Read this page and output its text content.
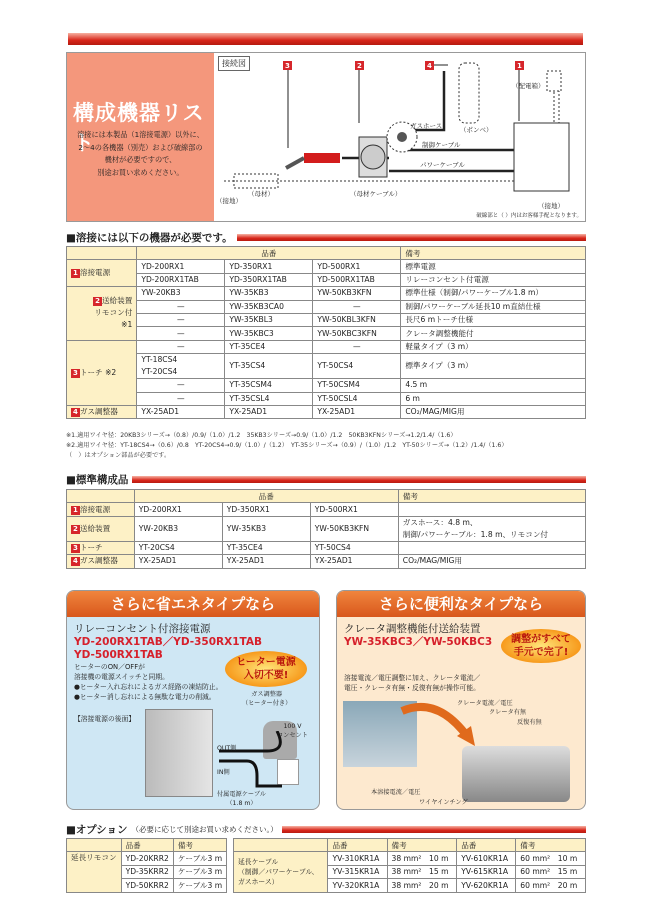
構成機器リスト

溶接には本製品（1溶接電源）以外に、
2〜4の各機器（別売）および破線部の
機材が必要ですので、
別途お買い求めください。

接続図	3	2	4	1
ガスホース	（ボンベ）
（配電箱）
制御ケーブル
パワーケーブル
（母材）	（母材ケーブル）
（接地）
（接地）
破線部と（ ）内はお客様手配となります。
■溶接には以下の機器が必要です。
	品番			備考
1 溶接電源	YD-200RX1	YD-350RX1	YD-500RX1	標準電源
	YD-200RX1TAB	YD-350RX1TAB	YD-500RX1TAB	リレーコンセント付電源
2 送給装置
リモコン付
※1	YW-20KB3	YW-35KB3	YW-50KB3KFN	標準仕様（制御/パワーケーブル1.8 m）
	—	YW-35KB3CA0	—	制御/パワーケーブル延長10 m直結仕様
	—	YW-35KBL3	YW-50KBL3KFN	長尺6 mトーチ仕様
	—	YW-35KBC3	YW-50KBC3KFN	クレータ調整機能付
3 トーチ ※2	—	YT-35CE4	—	軽量タイプ（3 m）
	YT-18CS4
YT-20CS4	YT-35CS4	YT-50CS4	標準タイプ（3 m）
	—	YT-35CSM4	YT-50CSM4	4.5 m
	—	YT-35CSL4	YT-50CSL4	6 m
4 ガス調整器	YX-25AD1	YX-25AD1	YX-25AD1	CO₂/MAG/MIG用
※1.適用ワイヤ径：20KB3シリーズ→（0.8）/0.9/（1.0）/1.2　35KB3シリーズ→0.9/（1.0）/1.2　50KB3KFNシリーズ→1.2/1.4/（1.6）
※2.適用ワイヤ径：YT-18CS4→（0.6）/0.8　YT-20CS4→0.9/（1.0）/（1.2）　YT-35シリーズ→（0.9）/（1.0）/1.2　YT-50シリーズ→（1.2）/1.4/（1.6）
（　）はオプション部品が必要です。
■標準構成品
	品番			備考
1 溶接電源	YD-200RX1	YD-350RX1	YD-500RX1	
2 送給装置	YW-20KB3	YW-35KB3	YW-50KB3KFN	ガスホース：4.8 m、
制御/パワーケーブル：1.8 m、リモコン付
3 トーチ	YT-20CS4	YT-35CE4	YT-50CS4	
4 ガス調整器	YX-25AD1	YX-25AD1	YX-25AD1	CO₂/MAG/MIG用
さらに省エネタイプなら
リレーコンセント付溶接電源
YD-200RX1TAB／YD-350RX1TAB
YD-500RX1TAB
ヒーターのON／OFFが
溶接機の電源スイッチと同期。
●ヒーター入れ忘れによるガス経路の凍結防止。
●ヒーター消し忘れによる無駄な電力の削減。
ヒーター電源
入切不要!
【溶接電源の後面】
ガス調整器
（ヒーター付き）
OUT側
IN側
100 V
コンセント
付属電源ケーブル
（1.8 m）
さらに便利なタイプなら
クレータ調整機能付送給装置
YW-35KBC3／YW-50KBC3	調整がすべて
手元で完了!
溶接電流／電圧調整に加え、クレータ電流／
電圧・クレータ有無・反復有無が操作可能。
クレータ電流／電圧
クレータ有無
反復有無
本溶接電流／電圧
ワイヤインチング
■オプション （必要に応じて別途お買い求めください。）
	品番	備考
延長リモコン	YD-20KRR2	ケーブル3 m
	YD-35KRR2	ケーブル3 m
	YD-50KRR2	ケーブル3 m
	品番	備考	品番	備考
延長ケーブル
（制御／パワーケーブル、
ガスホース）	YV-310KR1A	38 mm²　10 m	YV-610KR1A	60 mm²　10 m
	YV-315KR1A	38 mm²　15 m	YV-615KR1A	60 mm²　15 m
	YV-320KR1A	38 mm²　20 m	YV-620KR1A	60 mm²　20 m
